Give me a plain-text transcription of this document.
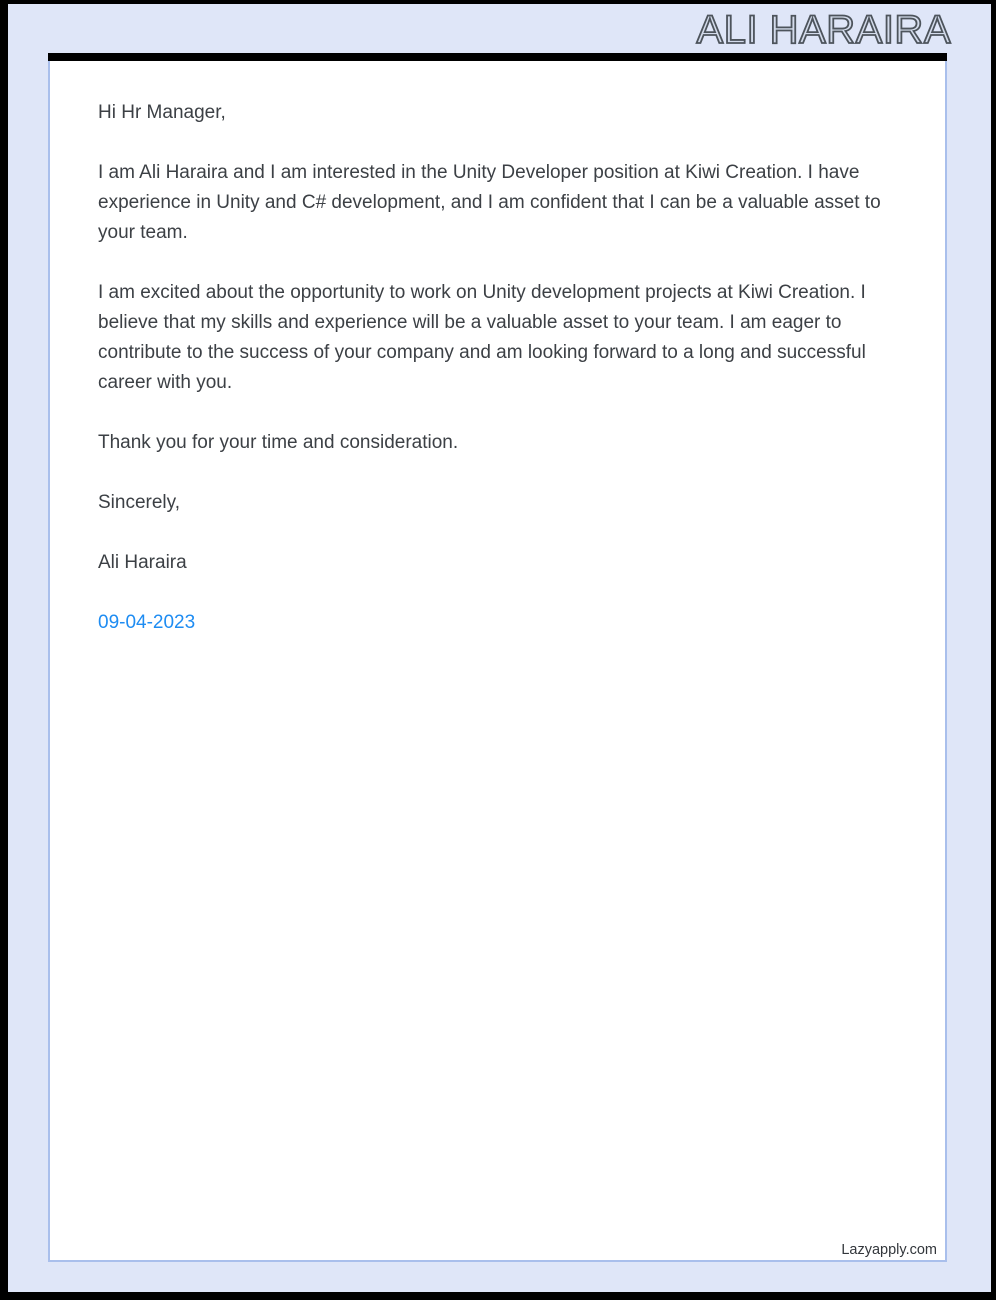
ALI HARAIRA

Hi Hr Manager,

I am Ali Haraira and I am interested in the Unity Developer position at Kiwi Creation. I have experience in Unity and C# development, and I am confident that I can be a valuable asset to your team.

I am excited about the opportunity to work on Unity development projects at Kiwi Creation. I believe that my skills and experience will be a valuable asset to your team. I am eager to contribute to the success of your company and am looking forward to a long and successful career with you.

Thank you for your time and consideration.

Sincerely,

Ali Haraira

09-04-2023

Lazyapply.com
